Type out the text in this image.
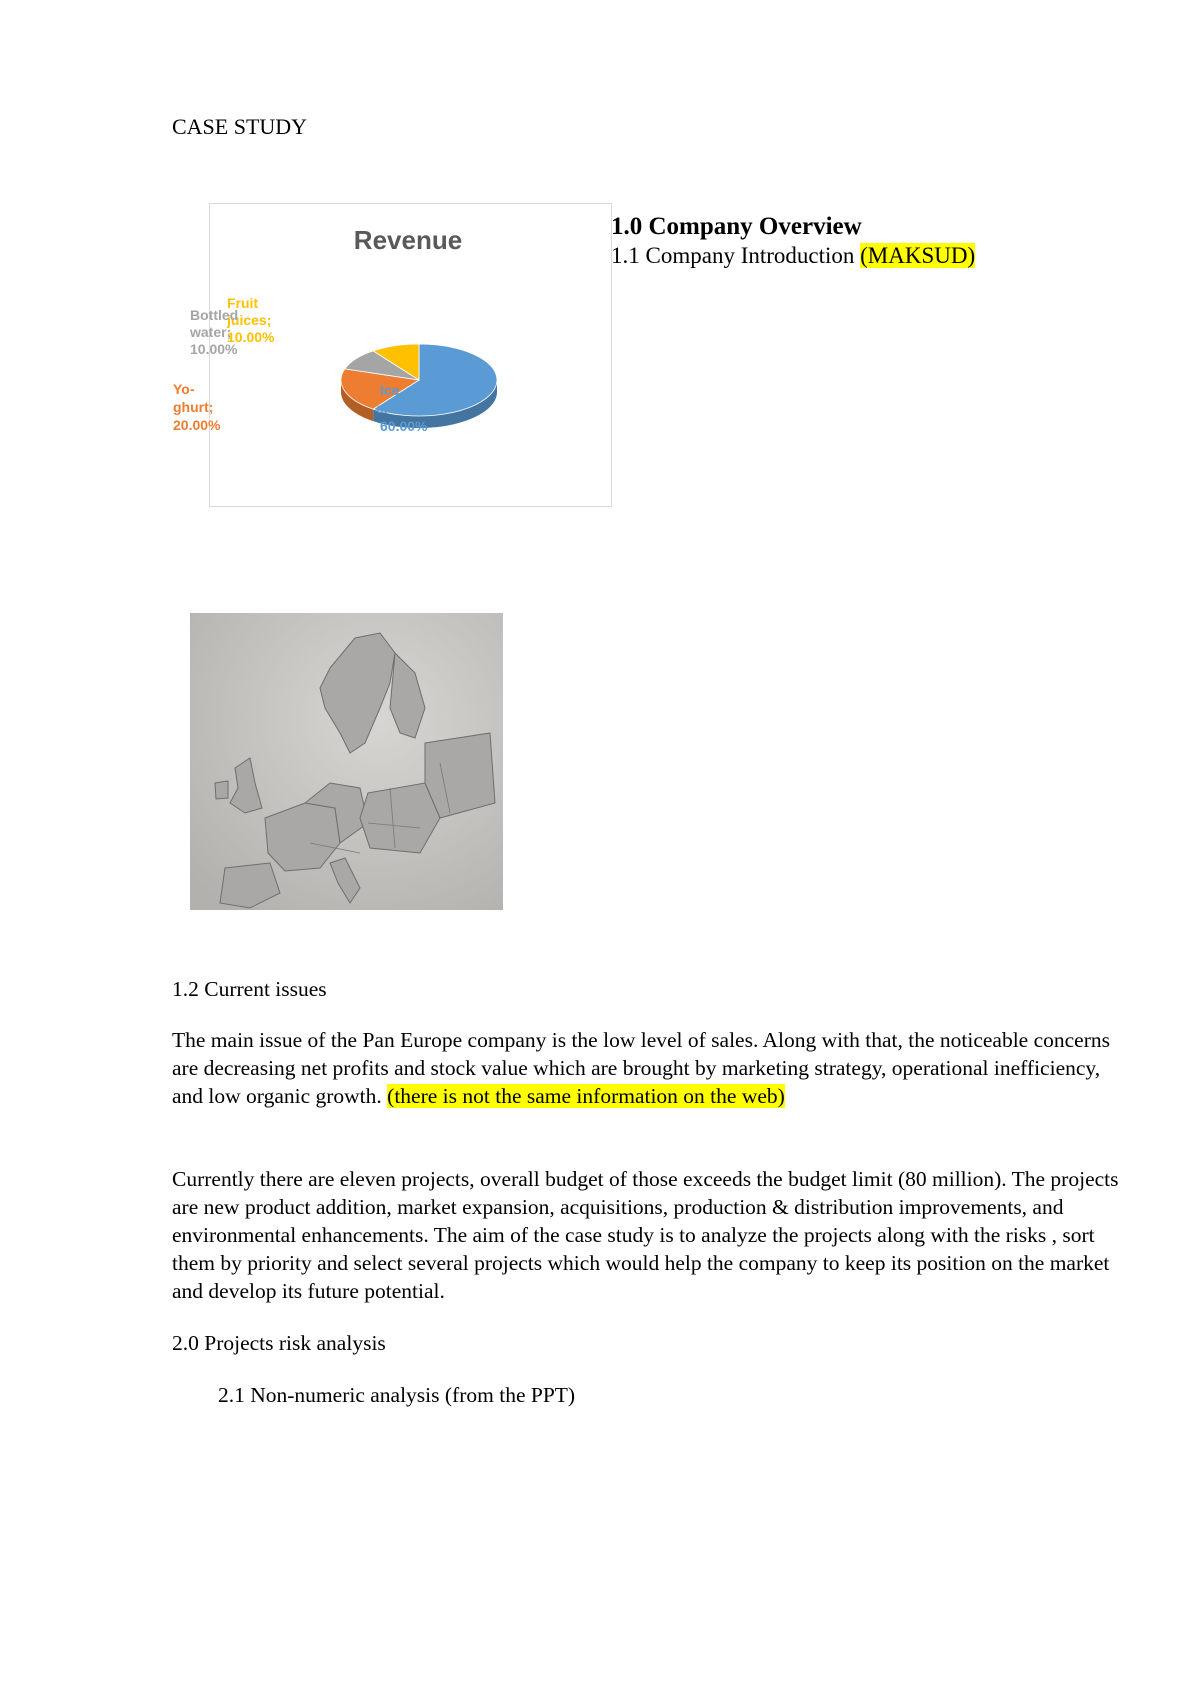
CASE STUDY
Revenue
Fruit
juices;
10.00%
Bottled
water;
10.00%
Yo-
ghurt;
20.00%
Ice
cream;
60.00%
1.0 Company Overview
1.1 Company Introduction (MAKSUD)
1.2 Current issues
The main issue of the Pan Europe company is the low level of sales. Along with that, the noticeable concerns are decreasing net profits and stock value which are brought by marketing strategy, operational inefficiency, and low organic growth. (there is not the same information on the web)
Currently there are eleven projects, overall budget of those exceeds the budget limit (80 million). The projects are new product addition, market expansion, acquisitions, production & distribution improvements, and environmental enhancements. The aim of the case study is to analyze the projects along with the risks , sort them by priority and select several projects which would help the company to keep its position on the market and develop its future potential.
2.0 Projects risk analysis
2.1 Non-numeric analysis (from the PPT)
